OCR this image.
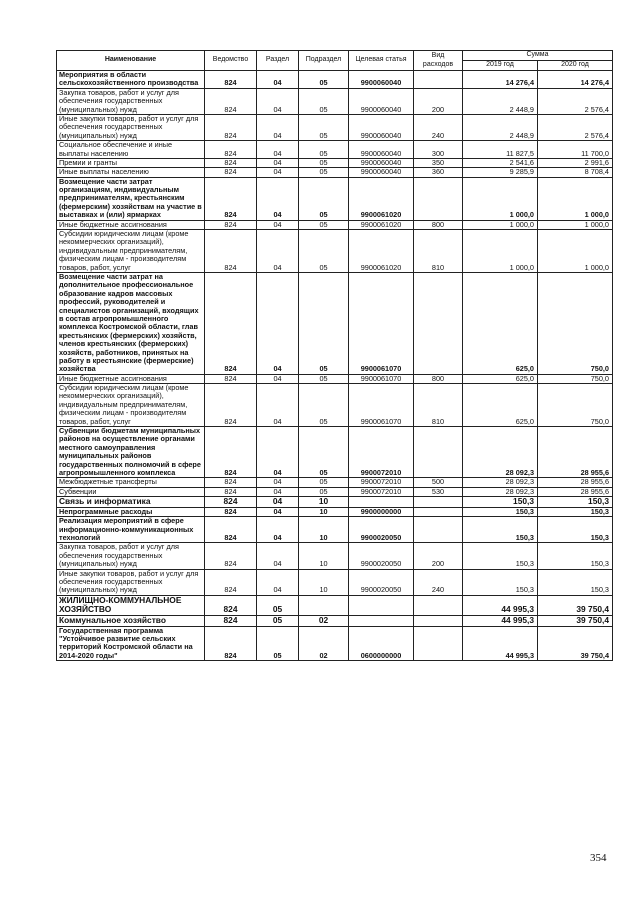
Наименование	Ведомство	Раздел	Подраздел	Целевая статья	Вид расходов	Сумма	
						2019 год	2020 год
Мероприятия в области сельскохозяйственного производства	824	04	05	9900060040		14 276,4	14 276,4
Закупка товаров, работ и услуг для обеспечения государственных (муниципальных) нужд	824	04	05	9900060040	200	2 448,9	2 576,4
Иные закупки товаров, работ и услуг для обеспечения государственных (муниципальных) нужд	824	04	05	9900060040	240	2 448,9	2 576,4
Социальное обеспечение и иные выплаты населению	824	04	05	9900060040	300	11 827,5	11 700,0
Премии и гранты	824	04	05	9900060040	350	2 541,6	2 991,6
Иные выплаты населению	824	04	05	9900060040	360	9 285,9	8 708,4
Возмещение части затрат организациям, индивидуальным предпринимателям, крестьянским (фермерским) хозяйствам на участие в выставках и (или) ярмарках	824	04	05	9900061020		1 000,0	1 000,0
Иные бюджетные ассигнования	824	04	05	9900061020	800	1 000,0	1 000,0
Субсидии юридическим лицам (кроме некоммерческих организаций), индивидуальным предпринимателям, физическим лицам - производителям товаров, работ, услуг	824	04	05	9900061020	810	1 000,0	1 000,0
Возмещение части затрат на дополнительное профессиональное образование кадров массовых профессий, руководителей и специалистов организаций, входящих в состав агропромышленного комплекса Костромской области, глав крестьянских (фермерских) хозяйств, членов крестьянских (фермерских) хозяйств, работников, принятых на работу в крестьянские (фермерские) хозяйства	824	04	05	9900061070		625,0	750,0
Иные бюджетные ассигнования	824	04	05	9900061070	800	625,0	750,0
Субсидии юридическим лицам (кроме некоммерческих организаций), индивидуальным предпринимателям, физическим лицам - производителям товаров, работ, услуг	824	04	05	9900061070	810	625,0	750,0
Субвенции бюджетам муниципальных районов на осуществление органами местного самоуправления муниципальных районов государственных полномочий в сфере агропромышленного комплекса	824	04	05	9900072010		28 092,3	28 955,6
Межбюджетные трансферты	824	04	05	9900072010	500	28 092,3	28 955,6
Субвенции	824	04	05	9900072010	530	28 092,3	28 955,6
Связь и информатика	824	04	10			150,3	150,3
Непрограммные расходы	824	04	10	9900000000		150,3	150,3
Реализация мероприятий в сфере информационно-коммуникационных технологий	824	04	10	9900020050		150,3	150,3
Закупка товаров, работ и услуг для обеспечения государственных (муниципальных) нужд	824	04	10	9900020050	200	150,3	150,3
Иные закупки товаров, работ и услуг для обеспечения государственных (муниципальных) нужд	824	04	10	9900020050	240	150,3	150,3
ЖИЛИЩНО-КОММУНАЛЬНОЕ ХОЗЯЙСТВО	824	05				44 995,3	39 750,4
Коммунальное хозяйство	824	05	02			44 995,3	39 750,4
Государственная программа "Устойчивое развитие сельских территорий Костромской области на 2014-2020 годы"	824	05	02	0600000000		44 995,3	39 750,4
354
